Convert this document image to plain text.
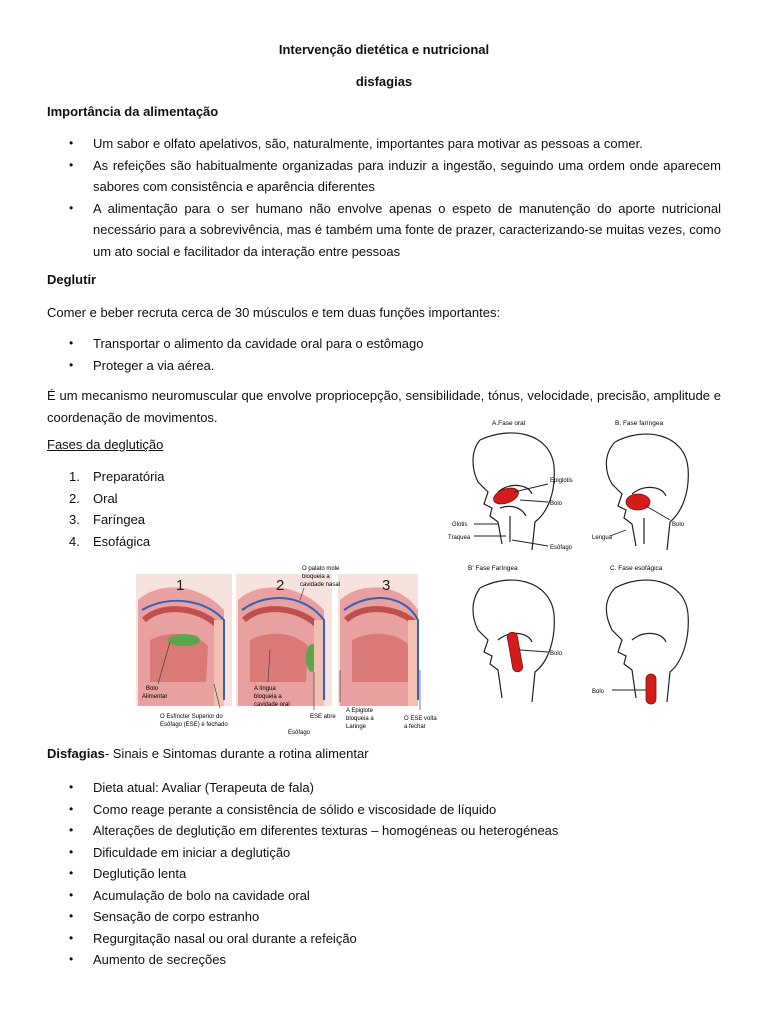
Intervenção dietética e nutricional
disfagias
Importância da alimentação
• Um sabor e olfato apelativos, são, naturalmente, importantes para motivar as pessoas a comer.
• As refeições são habitualmente organizadas para induzir a ingestão, seguindo uma ordem onde aparecem sabores com consistência e aparência diferentes
• A alimentação para o ser humano não envolve apenas o espeto de manutenção do aporte nutricional necessário para a sobrevivência, mas é também uma fonte de prazer, caracterizando-se muitas vezes, como um ato social e facilitador da interação entre pessoas
Deglutir
Comer e beber recruta cerca de 30 músculos e tem duas funções importantes:
• Transportar o alimento da cavidade oral para o estômago
• Proteger a via aérea.
É um mecanismo neuromuscular que envolve propriocepção, sensibilidade, tónus, velocidade, precisão, amplitude e coordenação de movimentos.
Fases da deglutição
1. Preparatória
2. Oral
3. Faríngea
4. Esofágica
A.Fase oral	B. Fase faríngea
B' Fase Faríngea	C. Fase esofágica
Epiglotis
Bolo
Glotis
Traquea
Esôfago
Bolo
Lengua
Bolo
Bolo
1	2	3
Bolo
Alimentar
O Esfíncter Superior do
Esôfago (ESE) é fechado
A língua
bloqueia a
cavidade oral
O palato mole
bloqueia a
cavidade nasal
ESE abre
Esôfago
A Epiglote
bloqueia a
Laringe
O ESE volta
a fechar
Disfagias- Sinais e Sintomas durante a rotina alimentar
• Dieta atual: Avaliar (Terapeuta de fala)
• Como reage perante a consistência de sólido e viscosidade de líquido
• Alterações de deglutição em diferentes texturas – homogéneas ou heterogéneas
• Dificuldade em iniciar a deglutição
• Deglutição lenta
• Acumulação de bolo na cavidade oral
• Sensação de corpo estranho
• Regurgitação nasal ou oral durante a refeição
• Aumento de secreções
